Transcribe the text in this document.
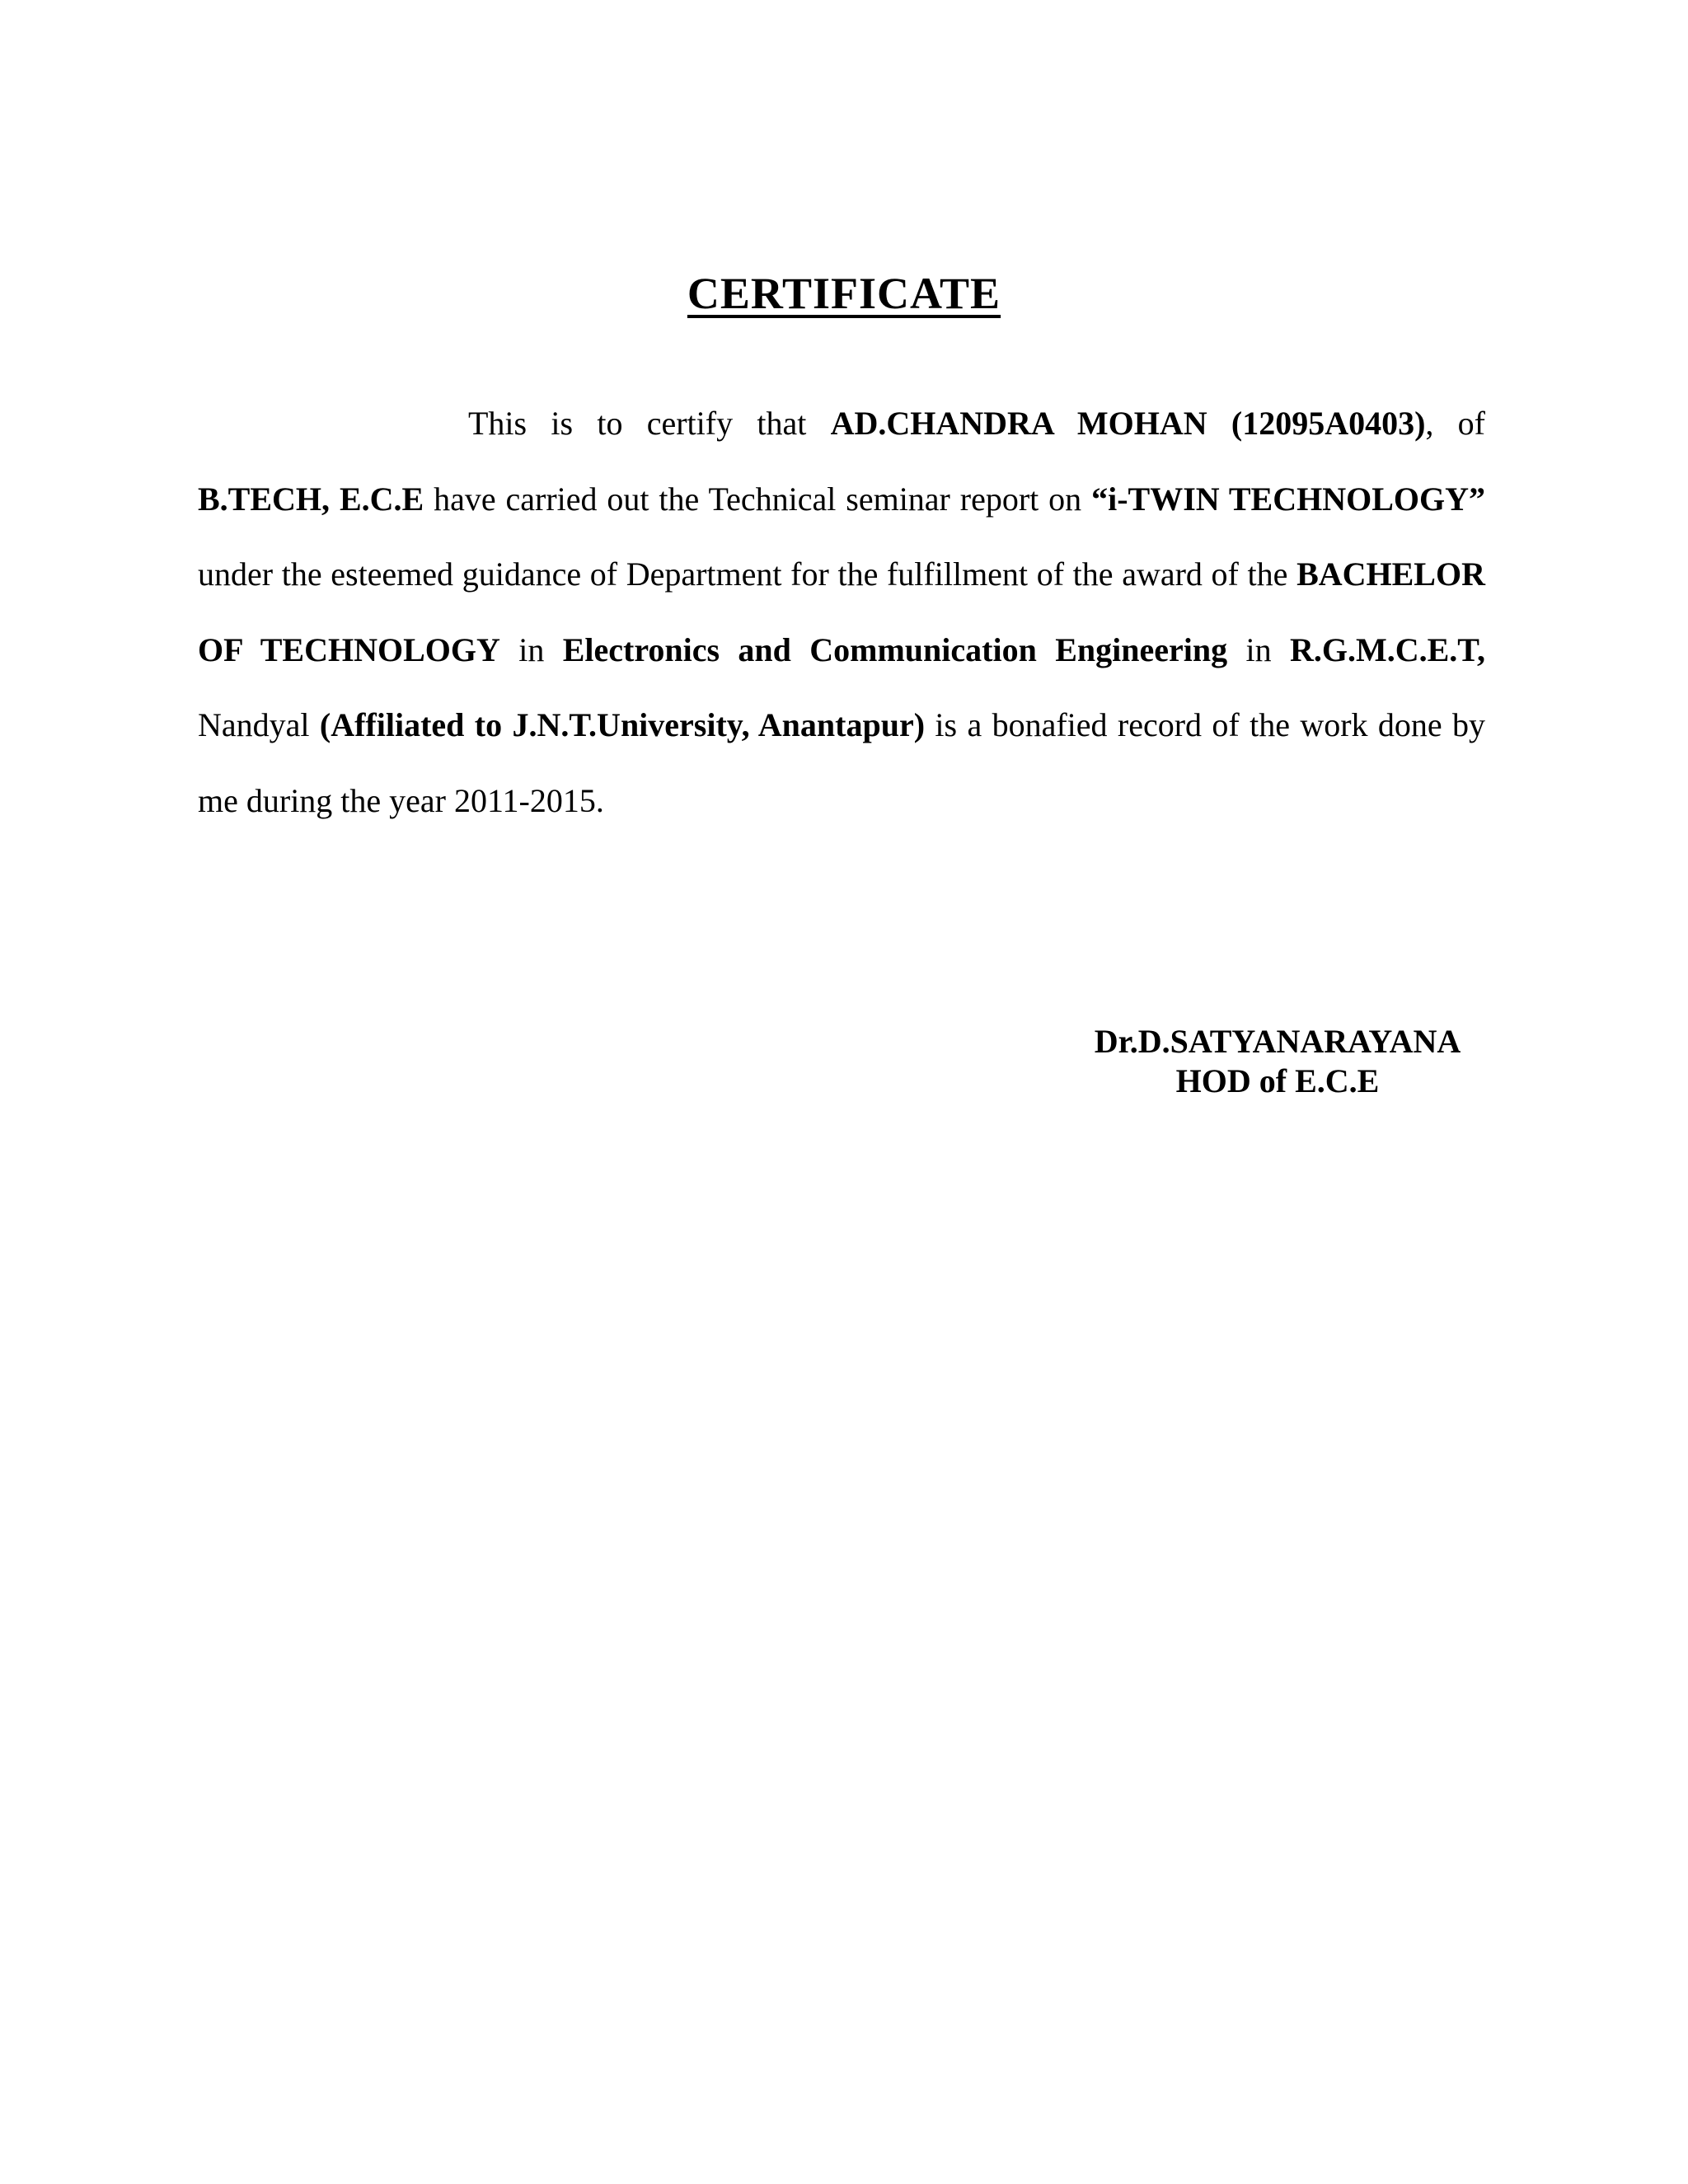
CERTIFICATE

This is to certify that AD.CHANDRA MOHAN (12095A0403), of B.TECH, E.C.E have carried out the Technical seminar report on “i-TWIN TECHNOLOGY” under the esteemed guidance of Department for the fulfillment of the award of the BACHELOR OF TECHNOLOGY in Electronics and Communication Engineering in R.G.M.C.E.T, Nandyal (Affiliated to J.N.T.University, Anantapur) is a bonafied record of the work done by me during the year 2011-2015.

Dr.D.SATYANARAYANA
HOD of E.C.E
